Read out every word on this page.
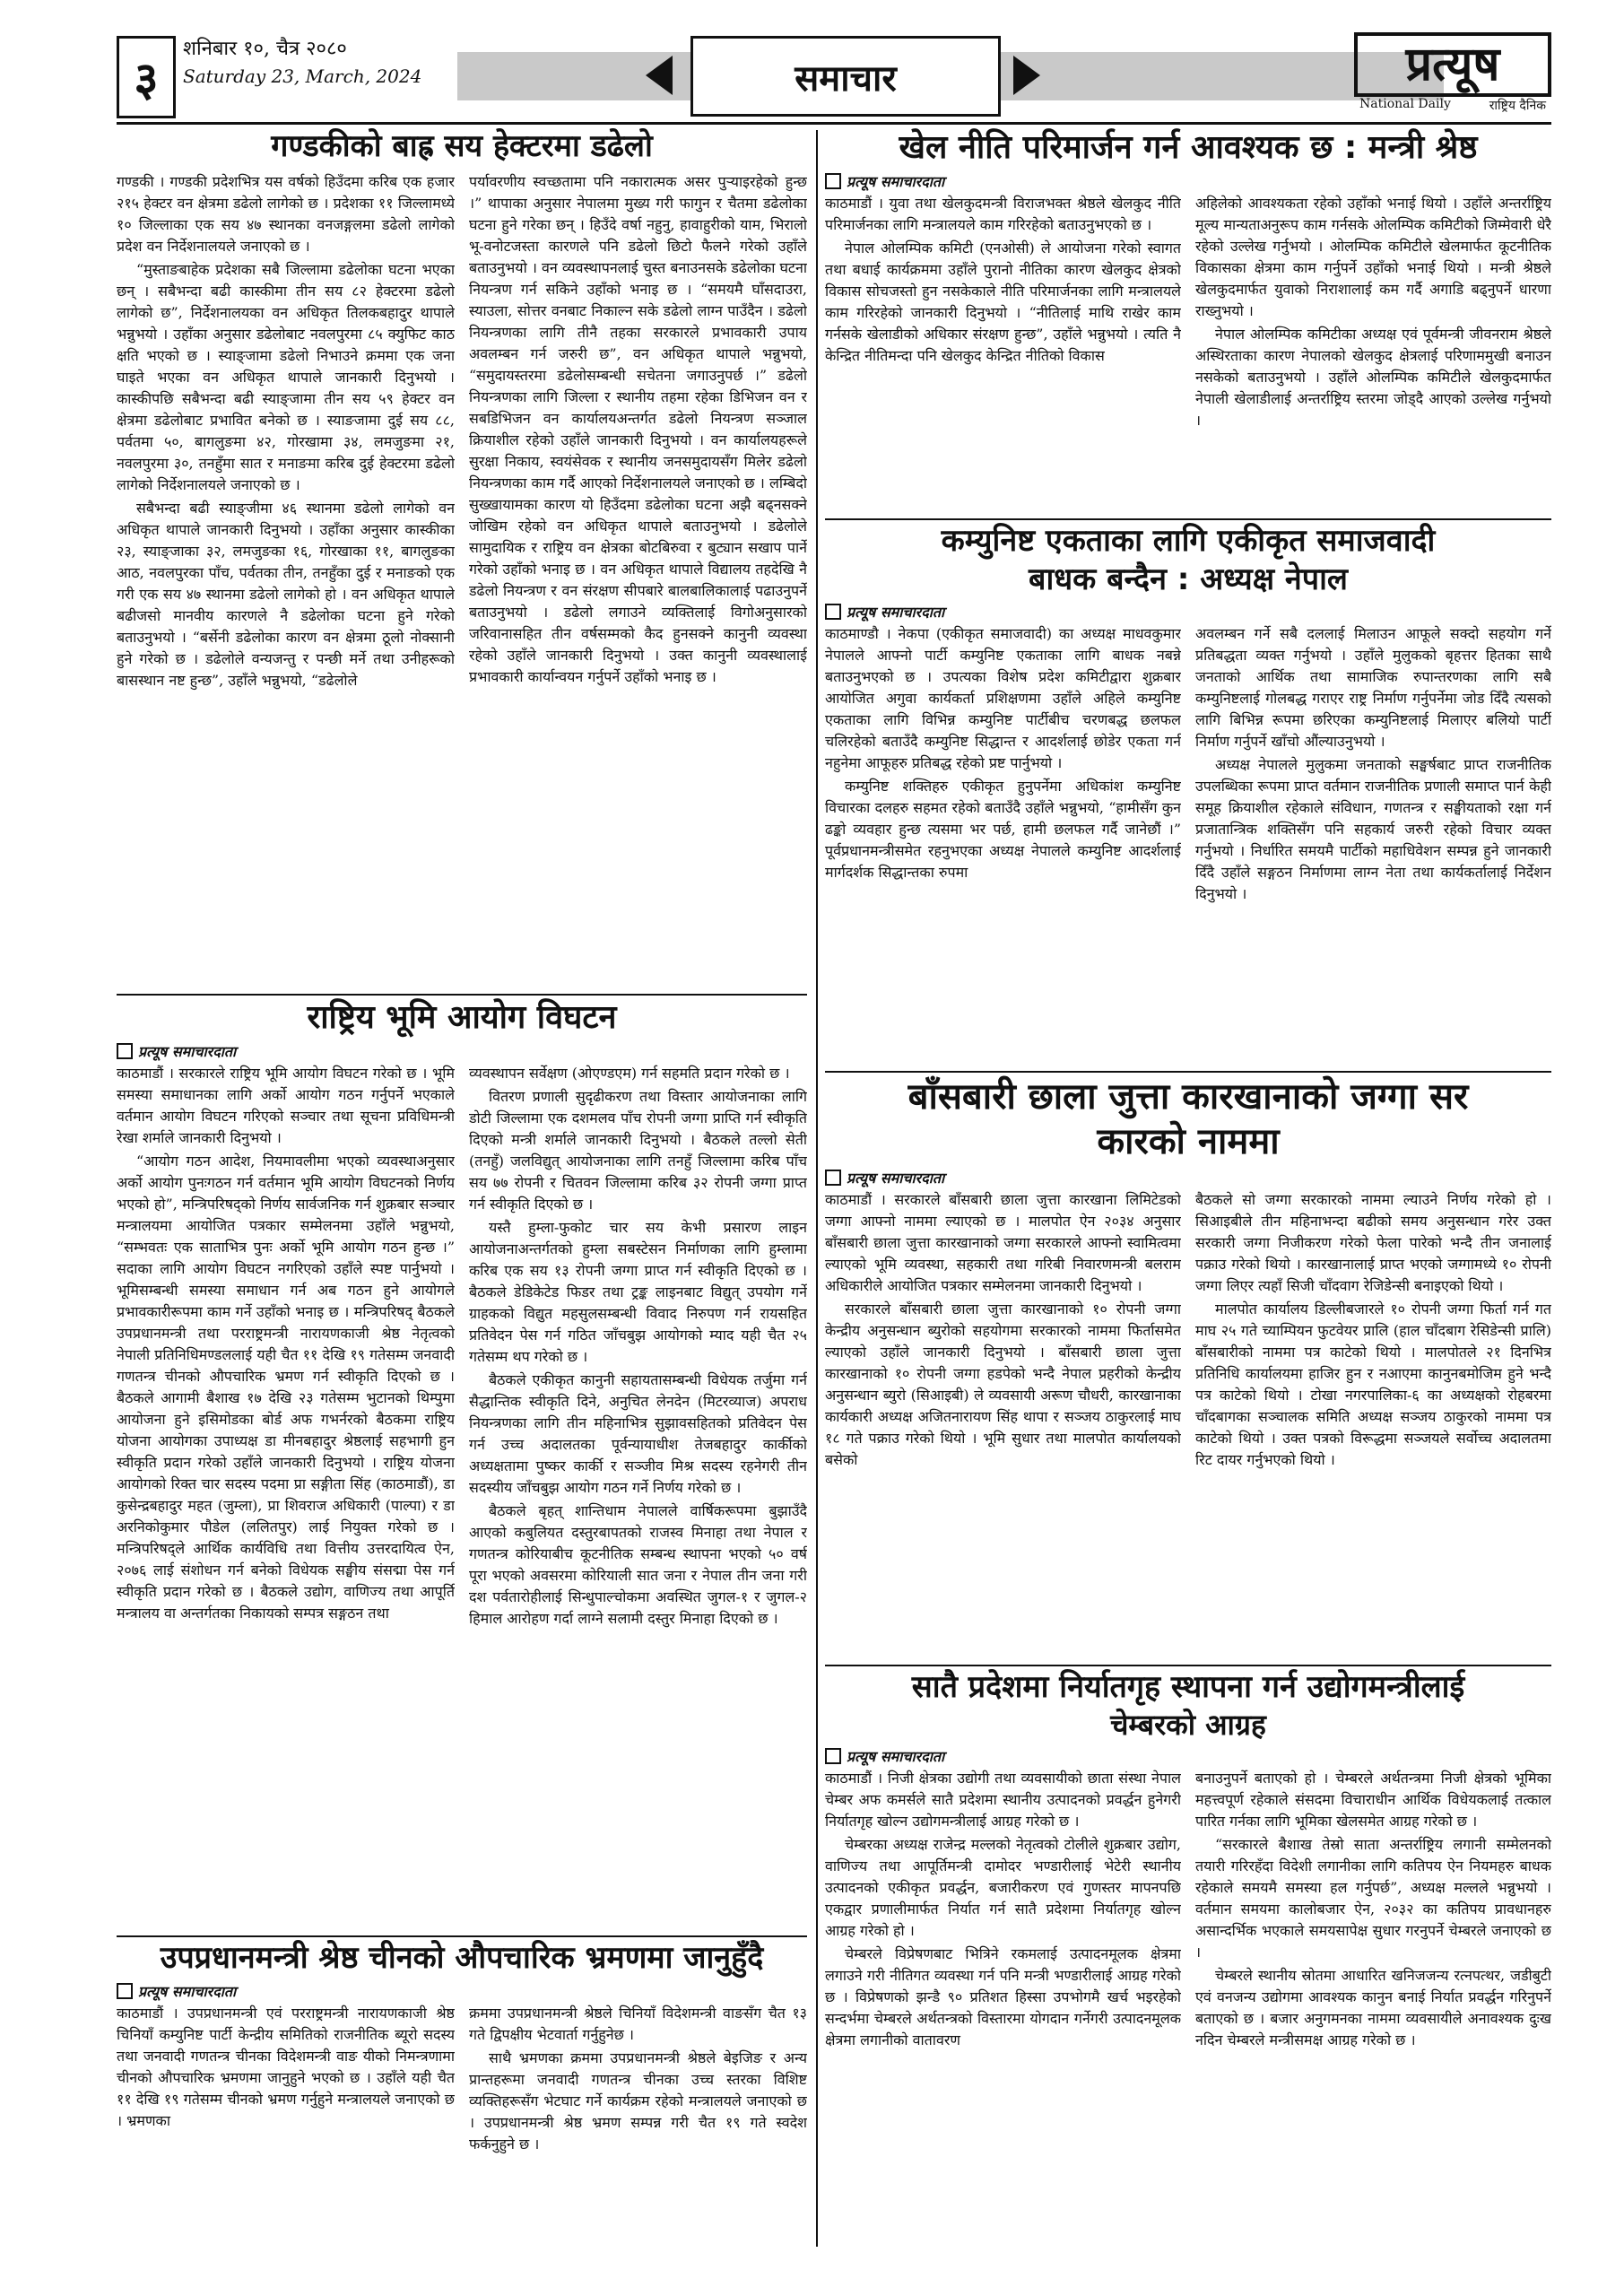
३
शनिबार १०, चैत्र २०८०
Saturday 23, March, 2024	समाचार	प्रत्यूष
National Daily	राष्ट्रिय दैनिक
गण्डकीको बाह्र सय हेक्टरमा डढेलो

गण्डकी । गण्डकी प्रदेशभित्र यस वर्षको हिउँदमा करिब एक हजार २१५ हेक्टर वन क्षेत्रमा डढेलो लागेको छ । प्रदेशका ११ जिल्लामध्ये १० जिल्लाका एक सय ४७ स्थानका वनजङ्गलमा डढेलो लागेको प्रदेश वन निर्देशनालयले जनाएको छ ।

“मुस्ताङबाहेक प्रदेशका सबै जिल्लामा डढेलोका घटना भएका छन् । सबैभन्दा बढी कास्कीमा तीन सय ८२ हेक्टरमा डढेलो लागेको छ”, निर्देशनालयका वन अधिकृत तिलकबहादुर थापाले भन्नुभयो । उहाँका अनुसार डढेलोबाट नवलपुरमा ८५ क्युफिट काठ क्षति भएको छ । स्याङ्जामा डढेलो निभाउने क्रममा एक जना घाइते भएका वन अधिकृत थापाले जानकारी दिनुभयो । कास्कीपछि सबैभन्दा बढी स्याङ्जामा तीन सय ५९ हेक्टर वन क्षेत्रमा डढेलोबाट प्रभावित बनेको छ । स्याङजामा दुई सय ८८, पर्वतमा ५०, बागलुङमा ४२, गोरखामा ३४, लमजुङमा २१, नवलपुरमा ३०, तनहुँमा सात र मनाङमा करिब दुई हेक्टरमा डढेलो लागेको निर्देशनालयले जनाएको छ ।

सबैभन्दा बढी स्याङ्जीमा ४६ स्थानमा डढेलो लागेको वन अधिकृत थापाले जानकारी दिनुभयो । उहाँका अनुसार कास्कीका २३, स्याङ्जाका ३२, लमजुङका १६, गोरखाका ११, बागलुङका आठ, नवलपुरका पाँच, पर्वतका तीन, तनहुँका दुई र मनाङको एक गरी एक सय ४७ स्थानमा डढेलो लागेको हो । वन अधिकृत थापाले बढीजसो मानवीय कारणले नै डढेलोका घटना हुने गरेको बताउनुभयो । “बर्सेनी डढेलोका कारण वन क्षेत्रमा ठूलो नोक्सानी हुने गरेको छ । डढेलोले वन्यजन्तु र पन्छी मर्ने तथा उनीहरूको बासस्थान नष्ट हुन्छ”, उहाँले भन्नुभयो, “डढेलोले

पर्यावरणीय स्वच्छतामा पनि नकारात्मक असर पुऱ्याइरहेको हुन्छ ।” थापाका अनुसार नेपालमा मुख्य गरी फागुन र चैतमा डढेलोका घटना हुने गरेका छन् । हिउँदे वर्षा नहुनु, हावाहुरीको याम, भिरालो भू-वनोटजस्ता कारणले पनि डढेलो छिटो फैलने गरेको उहाँले बताउनुभयो । वन व्यवस्थापनलाई चुस्त बनाउनसके डढेलोका घटना नियन्त्रण गर्न सकिने उहाँको भनाइ छ । “समयमै घाँसदाउरा, स्याउला, सोत्तर वनबाट निकाल्न सके डढेलो लाग्न पाउँदैन । डढेलो नियन्त्रणका लागि तीनै तहका सरकारले प्रभावकारी उपाय अवलम्बन गर्न जरुरी छ”, वन अधिकृत थापाले भन्नुभयो, “समुदायस्तरमा डढेलोसम्बन्धी सचेतना जगाउनुपर्छ ।” डढेलो नियन्त्रणका लागि जिल्ला र स्थानीय तहमा रहेका डिभिजन वन र सबडिभिजन वन कार्यालयअन्तर्गत डढेलो नियन्त्रण सञ्जाल क्रियाशील रहेको उहाँले जानकारी दिनुभयो । वन कार्यालयहरूले सुरक्षा निकाय, स्वयंसेवक र स्थानीय जनसमुदायसँग मिलेर डढेलो नियन्त्रणका काम गर्दै आएको निर्देशनालयले जनाएको छ । लम्बिदो सुख्खायामका कारण यो हिउँदमा डढेलोका घटना अझै बढ्नसक्ने जोखिम रहेको वन अधिकृत थापाले बताउनुभयो । डढेलोले सामुदायिक र राष्ट्रिय वन क्षेत्रका बोटबिरुवा र बुट्यान सखाप पार्ने गरेको उहाँको भनाइ छ । वन अधिकृत थापाले विद्यालय तहदेखि नै डढेलो नियन्त्रण र वन संरक्षण सीपबारे बालबालिकालाई पढाउनुपर्ने बताउनुभयो । डढेलो लगाउने व्यक्तिलाई विगोअनुसारको जरिवानासहित तीन वर्षसम्मको कैद हुनसक्ने कानुनी व्यवस्था रहेको उहाँले जानकारी दिनुभयो । उक्त कानुनी व्यवस्थालाई प्रभावकारी कार्यान्वयन गर्नुपर्ने उहाँको भनाइ छ ।

राष्ट्रिय भूमि आयोग विघटन
प्रत्यूष समाचारदाता

काठमाडौं । सरकारले राष्ट्रिय भूमि आयोग विघटन गरेको छ । भूमि समस्या समाधानका लागि अर्को आयोग गठन गर्नुपर्ने भएकाले वर्तमान आयोग विघटन गरिएको सञ्चार तथा सूचना प्रविधिमन्त्री रेखा शर्माले जानकारी दिनुभयो ।

“आयोग गठन आदेश, नियमावलीमा भएको व्यवस्थाअनुसार अर्को आयोग पुनःगठन गर्न वर्तमान भूमि आयोग विघटनको निर्णय भएको हो”, मन्त्रिपरिषद्को निर्णय सार्वजनिक गर्न शुक्रबार सञ्चार मन्त्रालयमा आयोजित पत्रकार सम्मेलनमा उहाँले भन्नुभयो, “सम्भवतः एक साताभित्र पुनः अर्को भूमि आयोग गठन हुन्छ ।” सदाका लागि आयोग विघटन नगरिएको उहाँले स्पष्ट पार्नुभयो । भूमिसम्बन्धी समस्या समाधान गर्न अब गठन हुने आयोगले प्रभावकारीरूपमा काम गर्ने उहाँको भनाइ छ । मन्त्रिपरिषद् बैठकले उपप्रधानमन्त्री तथा परराष्ट्रमन्त्री नारायणकाजी श्रेष्ठ नेतृत्वको नेपाली प्रतिनिधिमण्डललाई यही चैत ११ देखि १९ गतेसम्म जनवादी गणतन्त्र चीनको औपचारिक भ्रमण गर्न स्वीकृति दिएको छ । बैठकले आगामी बैशाख १७ देखि २३ गतेसम्म भुटानको थिम्पुमा आयोजना हुने इसिमोडका बोर्ड अफ गभर्नरको बैठकमा राष्ट्रिय योजना आयोगका उपाध्यक्ष डा मीनबहादुर श्रेष्ठलाई सहभागी हुन स्वीकृति प्रदान गरेको उहाँले जानकारी दिनुभयो । राष्ट्रिय योजना आयोगको रिक्त चार सदस्य पदमा प्रा सङ्गीता सिंह (काठमाडौं), डा कुसेन्द्रबहादुर महत (जुम्ला), प्रा शिवराज अधिकारी (पाल्पा) र डा अरनिकोकुमार पौडेल (ललितपुर) लाई नियुक्त गरेको छ । मन्त्रिपरिषद्ले आर्थिक कार्यविधि तथा वित्तीय उत्तरदायित्व ऐन, २०७६ लाई संशोधन गर्न बनेको विधेयक सङ्घीय संसद्मा पेस गर्न स्वीकृति प्रदान गरेको छ । बैठकले उद्योग, वाणिज्य तथा आपूर्ति मन्त्रालय वा अन्तर्गतका निकायको सम्पत्र सङ्गठन तथा

व्यवस्थापन सर्वेक्षण (ओएण्डएम) गर्न सहमति प्रदान गरेको छ ।

वितरण प्रणाली सुदृढीकरण तथा विस्तार आयोजनाका लागि डोटी जिल्लामा एक दशमलव पाँच रोपनी जग्गा प्राप्ति गर्न स्वीकृति दिएको मन्त्री शर्माले जानकारी दिनुभयो । बैठकले तल्लो सेती (तनहुँ) जलविद्युत् आयोजनाका लागि तनहुँ जिल्लामा करिब पाँच सय ७७ रोपनी र चितवन जिल्लामा करिब ३२ रोपनी जग्गा प्राप्त गर्न स्वीकृति दिएको छ ।

यस्तै हुम्ला-फुकोट चार सय केभी प्रसारण लाइन आयोजनाअन्तर्गतको हुम्ला सबस्टेसन निर्माणका लागि हुम्लामा करिब एक सय १३ रोपनी जग्गा प्राप्त गर्न स्वीकृति दिएको छ । बैठकले डेडिकेटेड फिडर तथा ट्रङ्क लाइनबाट विद्युत् उपयोग गर्ने ग्राहकको विद्युत महसुलसम्बन्धी विवाद निरुपण गर्न रायसहित प्रतिवेदन पेस गर्न गठित जाँचबुझ आयोगको म्याद यही चैत २५ गतेसम्म थप गरेको छ ।

बैठकले एकीकृत कानुनी सहायतासम्बन्धी विधेयक तर्जुमा गर्न सैद्धान्तिक स्वीकृति दिने, अनुचित लेनदेन (मिटरव्याज) अपराध नियन्त्रणका लागि तीन महिनाभित्र सुझावसहितको प्रतिवेदन पेस गर्न उच्च अदालतका पूर्वन्यायाधीश तेजबहादुर कार्कीको अध्यक्षतामा पुष्कर कार्की र सञ्जीव मिश्र सदस्य रहनेगरी तीन सदस्यीय जाँचबुझ आयोग गठन गर्ने निर्णय गरेको छ ।

बैठकले बृहत् शान्तिधाम नेपालले वार्षिकरूपमा बुझाउँदै आएको कबुलियत दस्तुरबापतको राजस्व मिनाहा तथा नेपाल र गणतन्त्र कोरियाबीच कूटनीतिक सम्बन्ध स्थापना भएको ५० वर्ष पूरा भएको अवसरमा कोरियाली सात जना र नेपाल तीन जना गरी दश पर्वतारोहीलाई सिन्धुपाल्चोकमा अवस्थित जुगल-१ र जुगल-२ हिमाल आरोहण गर्दा लाग्ने सलामी दस्तुर मिनाहा दिएको छ ।

उपप्रधानमन्त्री श्रेष्ठ चीनको औपचारिक भ्रमणमा जानुहुँदै
प्रत्यूष समाचारदाता

काठमाडौं । उपप्रधानमन्त्री एवं परराष्ट्रमन्त्री नारायणकाजी श्रेष्ठ चिनियाँ कम्युनिष्ट पार्टी केन्द्रीय समितिको राजनीतिक ब्यूरो सदस्य तथा जनवादी गणतन्त्र चीनका विदेशमन्त्री वाङ यीको निमन्त्रणामा चीनको औपचारिक भ्रमणमा जानुहुने भएको छ । उहाँले यही चैत ११ देखि १९ गतेसम्म चीनको भ्रमण गर्नुहुने मन्त्रालयले जनाएको छ । भ्रमणका

क्रममा उपप्रधानमन्त्री श्रेष्ठले चिनियाँ विदेशमन्त्री वाङसँग चैत १३ गते द्विपक्षीय भेटवार्ता गर्नुहुनेछ ।

साथै भ्रमणका क्रममा उपप्रधानमन्त्री श्रेष्ठले बेइजिङ र अन्य प्रान्तहरूमा जनवादी गणतन्त्र चीनका उच्च स्तरका विशिष्ट व्यक्तिहरूसँग भेटघाट गर्ने कार्यक्रम रहेको मन्त्रालयले जनाएको छ । उपप्रधानमन्त्री श्रेष्ठ भ्रमण सम्पन्न गरी चैत १९ गते स्वदेश फर्कनुहुने छ ।

खेल नीति परिमार्जन गर्न आवश्यक छ : मन्त्री श्रेष्ठ
प्रत्यूष समाचारदाता

काठमाडौं । युवा तथा खेलकुदमन्त्री विराजभक्त श्रेष्ठले खेलकुद नीति परिमार्जनका लागि मन्त्रालयले काम गरिरहेको बताउनुभएको छ ।

नेपाल ओलम्पिक कमिटी (एनओसी) ले आयोजना गरेको स्वागत तथा बधाई कार्यक्रममा उहाँले पुरानो नीतिका कारण खेलकुद क्षेत्रको विकास सोचजस्तो हुन नसकेकाले नीति परिमार्जनका लागि मन्त्रालयले काम गरिरहेको जानकारी दिनुभयो । “नीतिलाई माथि राखेर काम गर्नसके खेलाडीको अधिकार संरक्षण हुन्छ”, उहाँले भन्नुभयो । त्यति नै केन्द्रित नीतिमन्दा पनि खेलकुद केन्द्रित नीतिको विकास

अहिलेको आवश्यकता रहेको उहाँको भनाई थियो । उहाँले अन्तर्राष्ट्रिय मूल्य मान्यताअनुरूप काम गर्नसके ओलम्पिक कमिटीको जिम्मेवारी धेरै रहेको उल्लेख गर्नुभयो । ओलम्पिक कमिटीले खेलमार्फत कूटनीतिक विकासका क्षेत्रमा काम गर्नुपर्ने उहाँको भनाई थियो । मन्त्री श्रेष्ठले खेलकुदमार्फत युवाको निराशालाई कम गर्दै अगाडि बढ्नुपर्ने धारणा राख्नुभयो ।

नेपाल ओलम्पिक कमिटीका अध्यक्ष एवं पूर्वमन्त्री जीवनराम श्रेष्ठले अस्थिरताका कारण नेपालको खेलकुद क्षेत्रलाई परिणाममुखी बनाउन नसकेको बताउनुभयो । उहाँले ओलम्पिक कमिटीले खेलकुदमार्फत नेपाली खेलाडीलाई अन्तर्राष्ट्रिय स्तरमा जोड्दै आएको उल्लेख गर्नुभयो ।

कम्युनिष्ट एकताका लागि एकीकृत समाजवादी
बाधक बन्दैन : अध्यक्ष नेपाल
प्रत्यूष समाचारदाता

काठमाण्डौ । नेकपा (एकीकृत समाजवादी) का अध्यक्ष माधवकुमार नेपालले आफ्नो पार्टी कम्युनिष्ट एकताका लागि बाधक नबन्ने बताउनुभएको छ । उपत्यका विशेष प्रदेश कमिटीद्वारा शुक्रबार आयोजित अगुवा कार्यकर्ता प्रशिक्षणमा उहाँले अहिले कम्युनिष्ट एकताका लागि विभिन्न कम्युनिष्ट पार्टीबीच चरणबद्ध छलफल चलिरहेको बताउँदै कम्युनिष्ट सिद्धान्त र आदर्शलाई छोडेर एकता गर्न नहुनेमा आफूहरु प्रतिबद्ध रहेको प्रष्ट पार्नुभयो ।

कम्युनिष्ट शक्तिहरु एकीकृत हुनुपर्नेमा अधिकांश कम्युनिष्ट विचारका दलहरु सहमत रहेको बताउँदै उहाँले भन्नुभयो, “हामीसँग कुन ढङ्को व्यवहार हुन्छ त्यसमा भर पर्छ, हामी छलफल गर्दै जानेछौं ।” पूर्वप्रधानमन्त्रीसमेत रहनुभएका अध्यक्ष नेपालले कम्युनिष्ट आदर्शलाई मार्गदर्शक सिद्धान्तका रुपमा

अवलम्बन गर्ने सबै दललाई मिलाउन आफूले सक्दो सहयोग गर्ने प्रतिबद्धता व्यक्त गर्नुभयो । उहाँले मुलुकको बृहत्तर हितका साथै जनताको आर्थिक तथा सामाजिक रुपान्तरणका लागि सबै कम्युनिष्टलाई गोलबद्ध गराएर राष्ट्र निर्माण गर्नुपर्नेमा जोड दिँदै त्यसको लागि बिभिन्न रूपमा छरिएका कम्युनिष्टलाई मिलाएर बलियो पार्टी निर्माण गर्नुपर्ने खाँचो औंल्याउनुभयो ।

अध्यक्ष नेपालले मुलुकमा जनताको सङ्घर्षबाट प्राप्त राजनीतिक उपलब्धिका रूपमा प्राप्त वर्तमान राजनीतिक प्रणाली समाप्त पार्न केही समूह क्रियाशील रहेकाले संविधान, गणतन्त्र र सङ्घीयताको रक्षा गर्न प्रजातान्त्रिक शक्तिसँग पनि सहकार्य जरुरी रहेको विचार व्यक्त गर्नुभयो । निर्धारित समयमै पार्टीको महाधिवेशन सम्पन्न हुने जानकारी दिँदै उहाँले सङ्गठन निर्माणमा लाग्न नेता तथा कार्यकर्तालाई निर्देशन दिनुभयो ।

बाँसबारी छाला जुत्ता कारखानाको जग्गा सर
कारको नाममा
प्रत्यूष समाचारदाता

काठमाडौं । सरकारले बाँसबारी छाला जुत्ता कारखाना लिमिटेडको जग्गा आफ्नो नाममा ल्याएको छ । मालपोत ऐन २०३४ अनुसार बाँसबारी छाला जुत्ता कारखानाको जग्गा सरकारले आफ्नो स्वामित्वमा ल्याएको भूमि व्यवस्था, सहकारी तथा गरिबी निवारणमन्त्री बलराम अधिकारीले आयोजित पत्रकार सम्मेलनमा जानकारी दिनुभयो ।

सरकारले बाँसबारी छाला जुत्ता कारखानाको १० रोपनी जग्गा केन्द्रीय अनुसन्धान ब्युरोको सहयोगमा सरकारको नाममा फिर्तासमेत ल्याएको उहाँले जानकारी दिनुभयो । बाँसबारी छाला जुत्ता कारखानाको १० रोपनी जग्गा हडपेको भन्दै नेपाल प्रहरीको केन्द्रीय अनुसन्धान ब्युरो (सिआइबी) ले व्यवसायी अरूण चौधरी, कारखानाका कार्यकारी अध्यक्ष अजितनारायण सिंह थापा र सञ्जय ठाकुरलाई माघ १८ गते पक्राउ गरेको थियो । भूमि सुधार तथा मालपोत कार्यालयको बसेको

बैठकले सो जग्गा सरकारको नाममा ल्याउने निर्णय गरेको हो । सिआइबीले तीन महिनाभन्दा बढीको समय अनुसन्धान गरेर उक्त सरकारी जग्गा निजीकरण गरेको फेला पारेको भन्दै तीन जनालाई पक्राउ गरेको थियो । कारखानालाई प्राप्त भएको जग्गामध्ये १० रोपनी जग्गा लिएर त्यहाँ सिजी चाँदवाग रेजिडेन्सी बनाइएको थियो ।

मालपोत कार्यालय डिल्लीबजारले १० रोपनी जग्गा फिर्ता गर्न गत माघ २५ गते च्याम्पियन फुटवेयर प्रालि (हाल चाँदबाग रेसिडेन्सी प्रालि) बाँसबारीको नाममा पत्र काटेको थियो । मालपोतले २१ दिनभित्र प्रतिनिधि कार्यालयमा हाजिर हुन र नआएमा कानुनबमोजिम हुने भन्दै पत्र काटेको थियो । टोखा नगरपालिका-६ का अध्यक्षको रोहबरमा चाँदबागका सञ्चालक समिति अध्यक्ष सञ्जय ठाकुरको नाममा पत्र काटेको थियो । उक्त पत्रको विरूद्धमा सञ्जयले सर्वोच्च अदालतमा रिट दायर गर्नुभएको थियो ।

सातै प्रदेशमा निर्यातगृह स्थापना गर्न उद्योगमन्त्रीलाई
चेम्बरको आग्रह
प्रत्यूष समाचारदाता

काठमाडौं । निजी क्षेत्रका उद्योगी तथा व्यवसायीको छाता संस्था नेपाल चेम्बर अफ कमर्सले सातै प्रदेशमा स्थानीय उत्पादनको प्रवर्द्धन हुनेगरी निर्यातगृह खोल्न उद्योगमन्त्रीलाई आग्रह गरेको छ ।

चेम्बरका अध्यक्ष राजेन्द्र मल्लको नेतृत्वको टोलीले शुक्रबार उद्योग, वाणिज्य तथा आपूर्तिमन्त्री दामोदर भण्डारीलाई भेटेरी स्थानीय उत्पादनको एकीकृत प्रवर्द्धन, बजारीकरण एवं गुणस्तर मापनपछि एकद्वार प्रणालीमार्फत निर्यात गर्न सातै प्रदेशमा निर्यातगृह खोल्न आग्रह गरेको हो ।

चेम्बरले विप्रेषणबाट भित्रिने रकमलाई उत्पादनमूलक क्षेत्रमा लगाउने गरी नीतिगत व्यवस्था गर्न पनि मन्त्री भण्डारीलाई आग्रह गरेको छ । विप्रेषणको झन्डै ९० प्रतिशत हिस्सा उपभोगमै खर्च भइरहेको सन्दर्भमा चेम्बरले अर्थतन्त्रको विस्तारमा योगदान गर्नेगरी उत्पादनमूलक क्षेत्रमा लगानीको वातावरण

बनाउनुपर्ने बताएको हो । चेम्बरले अर्थतन्त्रमा निजी क्षेत्रको भूमिका महत्त्वपूर्ण रहेकाले संसदमा विचाराधीन आर्थिक विधेयकलाई तत्काल पारित गर्नका लागि भूमिका खेलसमेत आग्रह गरेको छ ।

“सरकारले बैशाख तेस्रो साता अन्तर्राष्ट्रिय लगानी सम्मेलनको तयारी गरिरहँदा विदेशी लगानीका लागि कतिपय ऐन नियमहरु बाधक रहेकाले समयमै समस्या हल गर्नुपर्छ”, अध्यक्ष मल्लले भन्नुभयो । वर्तमान समयमा कालोबजार ऐन, २०३२ का कतिपय प्रावधानहरु असान्दर्भिक भएकाले समयसापेक्ष सुधार गरनुपर्ने चेम्बरले जनाएको छ ।

चेम्बरले स्थानीय स्रोतमा आधारित खनिजजन्य रत्नपत्थर, जडीबुटी एवं वनजन्य उद्योगमा आवश्यक कानुन बनाई निर्यात प्रवर्द्धन गरिनुपर्ने बताएको छ । बजार अनुगमनका नाममा व्यवसायीले अनावश्यक दुःख नदिन चेम्बरले मन्त्रीसमक्ष आग्रह गरेको छ ।
